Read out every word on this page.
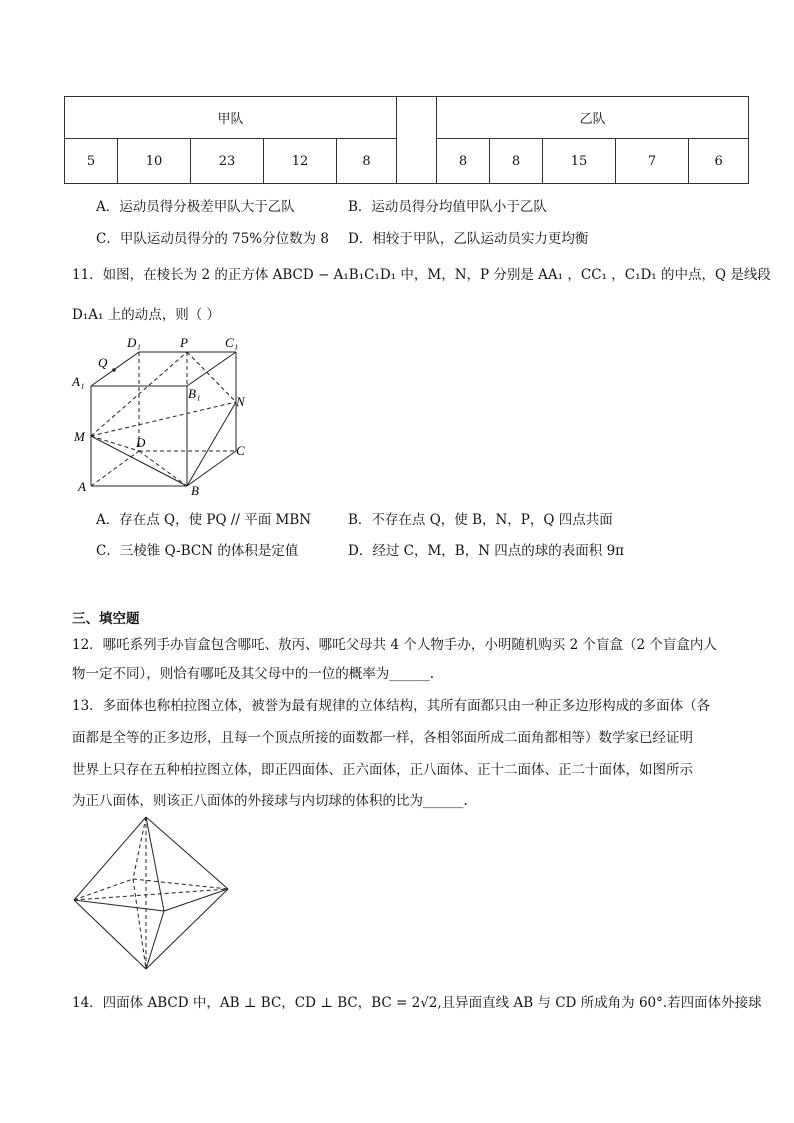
甲队						乙队				
5	10	23	12	8		8	8	15	7	6
A．运动员得分极差甲队大于乙队	B．运动员得分均值甲队小于乙队
C．甲队运动员得分的 75%分位数为 8 D．相较于甲队，乙队运动员实力更均衡
11．如图，在棱长为 2 的正方体 ABCD − A₁B₁C₁D₁ 中，M，N，P 分别是 AA₁ ，CC₁ ，C₁D₁ 的中点，Q 是线段
D₁A₁ 上的动点，则（ ）
D₁	P	C₁
Q
A₁
B₁
N
M	D
C
A	B
A．存在点 Q，使 PQ // 平面 MBN	B．不存在点 Q，使 B，N，P，Q 四点共面
C．三棱锥 Q-BCN 的体积是定值	D．经过 C，M，B，N 四点的球的表面积 9π
三、填空题
12．哪吒系列手办盲盒包含哪吒、敖丙、哪吒父母共 4 个人物手办，小明随机购买 2 个盲盒（2 个盲盒内人
物一定不同），则恰有哪吒及其父母中的一位的概率为______.
13．多面体也称柏拉图立体，被誉为最有规律的立体结构，其所有面都只由一种正多边形构成的多面体（各
面都是全等的正多边形，且每一个顶点所接的面数都一样，各相邻面所成二面角都相等）数学家已经证明
世界上只存在五种柏拉图立体，即正四面体、正六面体，正八面体、正十二面体、正二十面体，如图所示
为正八面体，则该正八面体的外接球与内切球的体积的比为______.
14．四面体 ABCD 中，AB ⊥ BC，CD ⊥ BC，BC = 2√2,且异面直线 AB 与 CD 所成角为 60°.若四面体外接球
